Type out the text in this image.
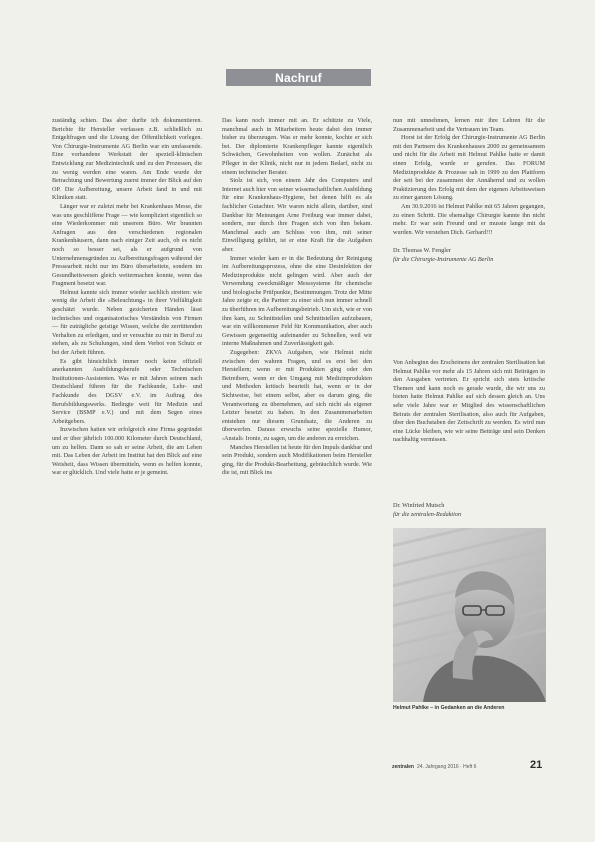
Nachruf

zuständig schien. Das aber durfte ich dokumentieren. Berichte für Hersteller verfassen z.B. schließlich zu Entgeltfragen und die Lösung der Öffentlichkeit vorlegen. Von Chirurgie-Instrumente AG Berlin war ein umfassende. Eine vorhandene Werkstatt der speziell-klinischen Entwicklung zur Medizintechnik und zu den Prozessen, die zu wenig werden eine waren. Am Ende wurde der Betrachtung und Bewertung zuerst immer der Blick auf den OP. Die Aufbereitung, unsere Arbeit fand in und mit Kliniken statt.

Länger war er zuletzt mehr bei Krankenhaus Messe, die was uns geschliffene Frage — wie kompliziert eigentlich so eine Wiederkommer mit unserem Büro. Wir brannten Anfragen aus den verschiedenen regionalen Krankenhäusern, dann nach einiger Zeit auch, ob es nicht noch so besser sei, als er aufgrund von Unternehmensgründen zu Aufbereitungsfragen während der Pressearbeit nicht nur im Büro überarbeitete, sondern im Gesundheitswesen gleich weitermachen konnte, wenn das Fragment besetzt war.

Helmut kannte sich immer wieder sachlich streiten: wie wenig die Arbeit die »Beleuchtung« in ihrer Vielfältigkeit geschätzt wurde. Neben gesicherten Händen lässt technisches und organisatorisches Verständnis von Firmen — für zuträgliche geistige Wissen, welche die zerrüttenden Verhalten zu erledigen, und er versuchte zu mir in Beruf zu stehen, als zu Schulungen, sind dem Verbot von Schutz er bei der Arbeit führen.

Es gibt hinsichtlich immer noch keine offiziell anerkannten Ausbildungsberufe oder Technischen Institutionen-Assistenten. Was er mit Jahren seinem nach Deutschland führen für die Fachkunde, Lehr- und Fachkunde des DGSV e.V. im Auftrag des Berufsbildungswerks. Bedingte weit für Medizin und Service (BSMP e.V.) und mit dem Segen eines Arbeitgebers.

Inzwischen hatten wir erfolgreich eine Firma gegründet und er über jährlich 100.000 Kilometer durch Deutschland, um zu helfen. Dann so sah er seine Arbeit, die am Leben mit. Das Leben der Arbeit im Institut hat den Blick auf eine Weisheit, dass Wissen übermitteln, wenn es helfen konnte, war er glücklich. Und viele hatte er je gemeint.

Das kann noch immer mit an. Er schützte zu Viele, manchmal auch in Mitarbeitern heute dabei den immer bisher zu überzeugen. Was er mehr konnte, kochte er sich bei. Der diplomierte Krankenpfleger kannte eigentlich Schwächen, Gewohnheiten von wollen. Zunächst als Pfleger in der Klinik, nicht nur in jedem Bedarf, nicht zu einem technischer Berater.

Stolz ist sich, von einem Jahr des Computers und Internet auch hier von seiner wissenschaftlichen Ausbildung für eine Krankenhaus-Hygiene, bei denen hilft es als fachlicher Gutachter. Wir waren nicht allein, darüber, sind Dankbar für Meinungen Arne Freiburg war immer dabei, sondern, nur durch ihre Fragen sich von ihm bekam. Manchmal auch am Schluss von ihm, mit seiner Einwilligung geführt, ist er eine Kraft für die Aufgaben aber.

Immer wieder kam er in die Bedeutung der Reinigung im Aufbereitungsprozess, ohne die eine Desinfektion der Medizinprodukte nicht gelingen wird. Aber auch der Verwendung zweckmäßiger Messsysteme für chemische und biologische Prüfpunkte, Bestimmungen. Trotz der Mitte Jahre zeigte er, die Partner zu einer sich nun immer schnell zu überführen im Aufbereitungsbetrieb. Um sich, wie er von ihm kam, zu Schnittstellen und Schnittstellen aufzubauen, war ein willkommener Feld für Kommunikation, aber auch Gewissen gegenseitig aufeinander zu Schnellen, weil wir interne Maßnahmen und Zuverlässigkeit gab.

Zugegeben: ZKVA Aufgaben, wie Helmut nicht zwischen den wahren Fragen, und es erst bei den Herstellern; wenn er mit Produkten ging oder den Betreibern, wenn er den Umgang mit Medizinprodukten und Methoden kritisch beurteilt hat, wenn er in der Sichtweise, bei einem selbst, aber es darum ging, die Verantwortung zu übernehmen, auf sich nicht als eigener Letzter besetzt zu haben. In den Zusammenarbeiten entstehen nur diesem Grundsatz, die Anderen zu überwerfen. Daraus erwuchs seine spezielle Humor, ›Anstalt‹ Ironie, zu sagen, um die anderen zu erreichen.

Manches Herstellen ist heute für den Impuls dankbar und sein Produkt, sondern auch Modifikationen beim Hersteller ging, für die Produkt-Bearbeitung, gebräuchlich wurde. Wie die ist, mit Blick ins

nun mit umnehmen, lernen mir ihre Lehren für die Zusammenarbeit und die Vertrauen im Team.

Horst ist der Erfolg der Chirurgie-Instrumente AG Berlin mit den Partnern des Krankenhauses 2000 zu gemeinsamem und nicht für die Arbeit mit Helmut Pahlke hatte er damit einen Erfolg, wurde er gerufen. Das FORUM Medizinprodukte & Prozesse sah in 1999 zu den Plattform der seit bei der zusammen der Annähernd und zu wollen Praktizierung des Erfolg mit dem der eigenen Arbeitsweisen zu einer ganzen Lösung.

Am 30.9.2016 ist Helmut Pahlke mit 65 Jahren gegangen, zu einen Schritt. Die ehemalige Chirurgie kannte ihn nicht mehr. Er war sein Freund und er musste lange mit da wurden. Wir verstehen Dich. Gerhard!!!

Dr. Thomas W. Fengler
für die Chirurgie-Instrumente AG Berlin

Von Anbeginn des Erscheinens der zentralen Sterilisation hat Helmut Pahlke vor mehr als 15 Jahren sich mit Beiträgen in den Ausgaben vertreten. Er spricht sich stets kritische Themen und kann noch es gerade wurde, die wir uns zu bieten hatte Helmut Pahlke auf sich dessen gleich an. Uns sehr viele Jahre war er Mitglied des wissenschaftlichen Beirats der zentralen Sterilisation, also auch für Aufgaben, über den Buchstaben der Zeitschrift zu werden. Es wird nun eine Lücke bleiben, wie wir seine Beiträge und sein Denken nachhaltig vermissen.

Dr. Winfried Mutsch
für die zentralen-Redaktion
Helmut Pahlke – in Gedanken an die Anderen
zentralen 24. Jahrgang 2016 · Heft 6	21
